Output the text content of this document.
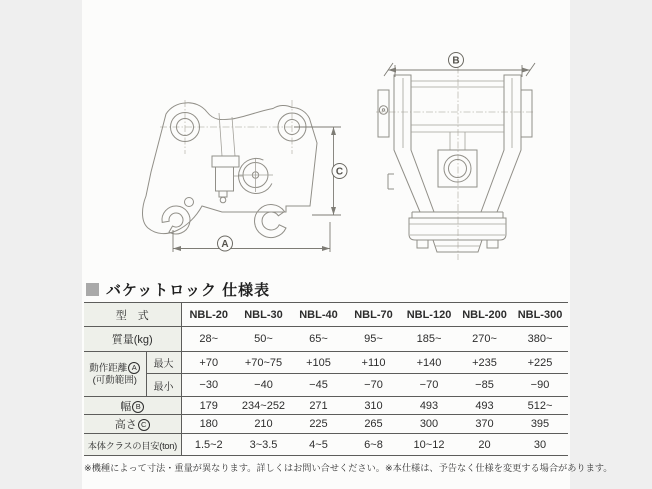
A
C
B
バケットロック 仕様表
型　式		NBL-20	NBL-30	NBL-40	NBL-70	NBL-120	NBL-200	NBL-300
質量(kg)		28~	50~	65~	95~	185~	270~	380~

動作距離 A
(可動範囲)	最大	+70	+70~75	+105	+110	+140	+235	+225
	最小	−30	−40	−45	−70	−70	−85	−90
幅 B		179	234~252	271	310	493	493	512~
高さ C		180	210	225	265	300	370	395
本体クラスの目安(ton)		1.5~2	3~3.5	4~5	6~8	10~12	20	30
※機種によって寸法・重量が異なります。詳しくはお問い合せください。 ※本仕様は、予告なく仕様を変更する場合があります。
